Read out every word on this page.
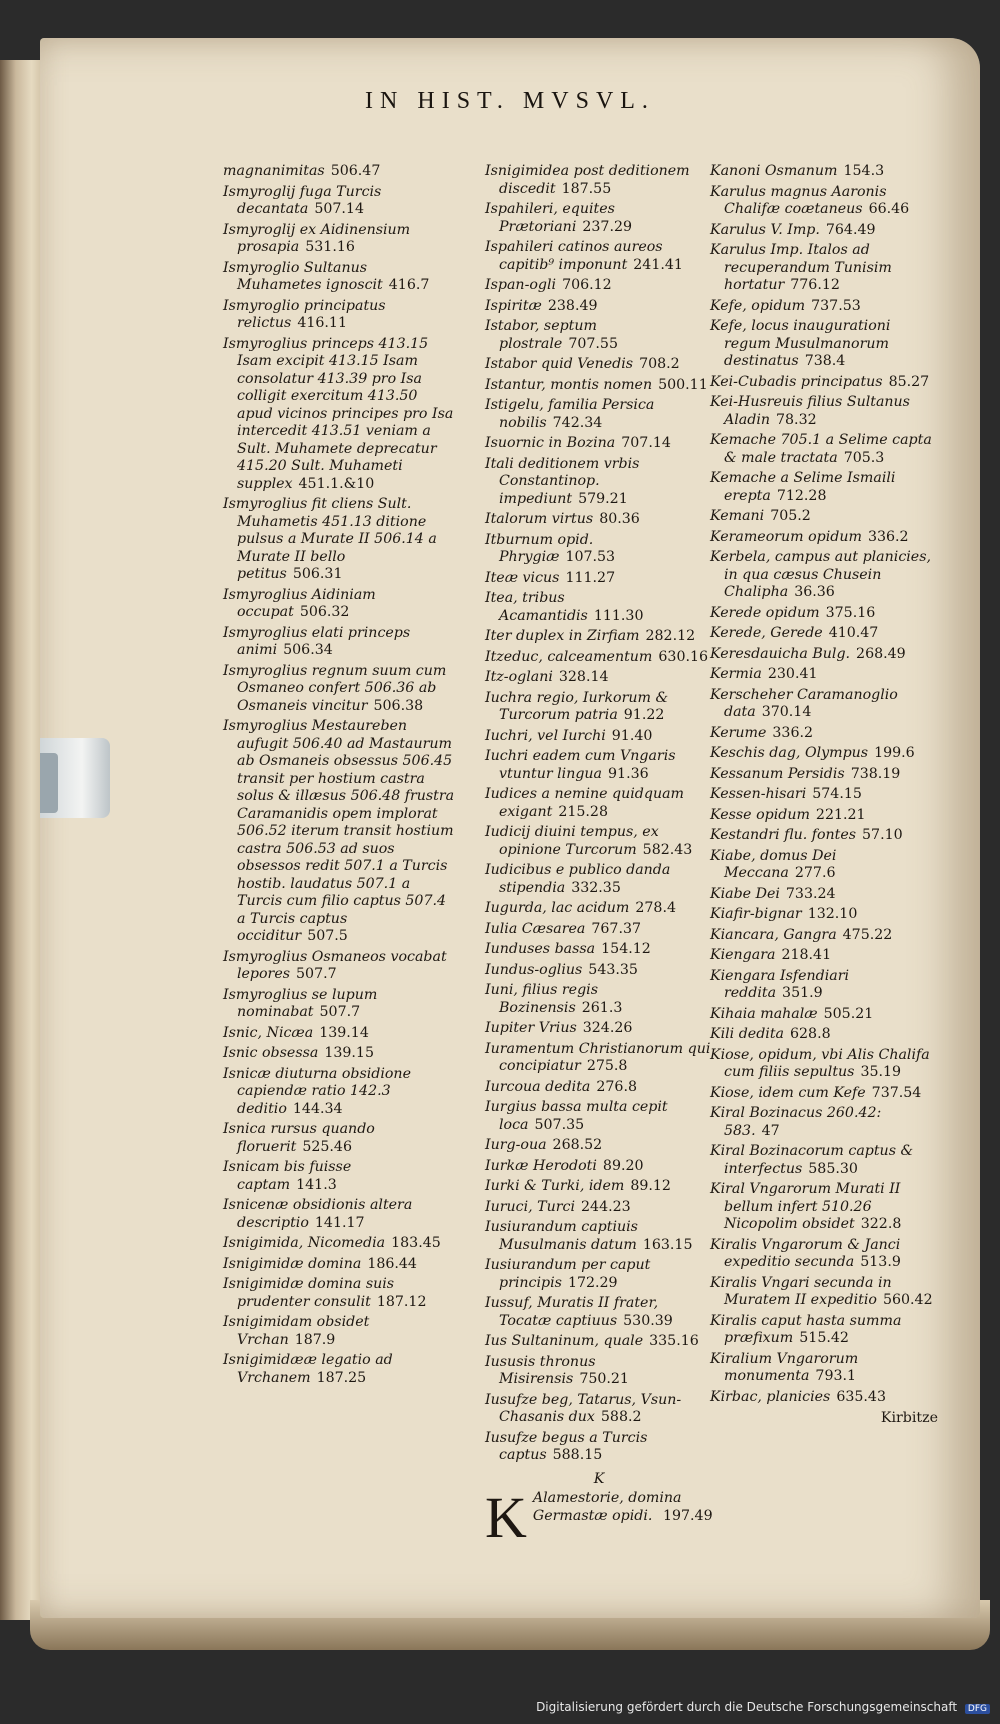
IN HIST. MVSVL.
magnanimitas 506.47
Ismyroglij fuga Turcis decantata 507.14
Ismyroglij ex Aidinensium prosapia 531.16
Ismyroglio Sultanus Muhametes ignoscit 416.7
Ismyroglio principatus relictus 416.11
Ismyroglius princeps 413.15 Isam excipit 413.15 Isam consolatur 413.39 pro Isa colligit exercitum 413.50 apud vicinos principes pro Isa intercedit 413.51 veniam a Sult. Muhamete deprecatur 415.20 Sult. Muhameti supplex 451.1.&10
Ismyroglius fit cliens Sult. Muhametis 451.13 ditione pulsus a Murate II 506.14 a Murate II bello petitus 506.31
Ismyroglius Aidiniam occupat 506.32
Ismyroglius elati princeps animi 506.34
Ismyroglius regnum suum cum Osmaneo confert 506.36 ab Osmaneis vincitur 506.38
Ismyroglius Mestaureben aufugit 506.40 ad Mastaurum ab Osmaneis obsessus 506.45 transit per hostium castra solus & illæsus 506.48 frustra Caramanidis opem implorat 506.52 iterum transit hostium castra 506.53 ad suos obsessos redit 507.1 a Turcis hostib. laudatus 507.1 a Turcis cum filio captus 507.4 a Turcis captus occiditur 507.5
Ismyroglius Osmaneos vocabat lepores 507.7
Ismyroglius se lupum nominabat 507.7
Isnic, Nicæa 139.14
Isnic obsessa 139.15
Isnicæ diuturna obsidione capiendæ ratio 142.3 deditio 144.34
Isnica rursus quando floruerit 525.46
Isnicam bis fuisse captam 141.3
Isnicenæ obsidionis altera descriptio 141.17
Isnigimida, Nicomedia 183.45
Isnigimidæ domina 186.44
Isnigimidæ domina suis prudenter consulit 187.12
Isnigimidam obsidet Vrchan 187.9
Isnigimidææ legatio ad Vrchanem 187.25
Isnigimidea post deditionem discedit 187.55
Ispahileri, equites Prætoriani 237.29
Ispahileri catinos aureos capitib⁹ imponunt 241.41
Ispan-ogli 706.12
Ispiritæ 238.49
Istabor, septum plostrale 707.55
Istabor quid Venedis 708.2
Istantur, montis nomen 500.11
Istigelu, familia Persica nobilis 742.34
Isuornic in Bozina 707.14
Itali deditionem vrbis Constantinop. impediunt 579.21
Italorum virtus 80.36
Itburnum opid. Phrygiæ 107.53
Iteæ vicus 111.27
Itea, tribus Acamantidis 111.30
Iter duplex in Zirfiam 282.12
Itzeduc, calceamentum 630.16
Itz-oglani 328.14
Iuchra regio, Iurkorum & Turcorum patria 91.22
Iuchri, vel Iurchi 91.40
Iuchri eadem cum Vngaris vtuntur lingua 91.36
Iudices a nemine quidquam exigant 215.28
Iudicij diuini tempus, ex opinione Turcorum 582.43
Iudicibus e publico danda stipendia 332.35
Iugurda, lac acidum 278.4
Iulia Cæsarea 767.37
Iunduses bassa 154.12
Iundus-oglius 543.35
Iuni, filius regis Bozinensis 261.3
Iupiter Vrius 324.26
Iuramentum Christianorum qui concipiatur 275.8
Iurcoua dedita 276.8
Iurgius bassa multa cepit loca 507.35
Iurg-oua 268.52
Iurkæ Herodoti 89.20
Iurki & Turki, idem 89.12
Iuruci, Turci 244.23
Iusiurandum captiuis Musulmanis datum 163.15
Iusiurandum per caput principis 172.29
Iussuf, Muratis II frater, Tocatæ captiuus 530.39
Ius Sultaninum, quale 335.16
Iususis thronus Misirensis 750.21
Iusufze beg, Tatarus, Vsun-Chasanis dux 588.2
Iusufze begus a Turcis captus 588.15
K
K Alamestorie, domina Germastæ opidi. 197.49
Kanoni Osmanum 154.3
Karulus magnus Aaronis Chalifæ coætaneus 66.46
Karulus V. Imp. 764.49
Karulus Imp. Italos ad recuperandum Tunisim hortatur 776.12
Kefe, opidum 737.53
Kefe, locus inaugurationi regum Musulmanorum destinatus 738.4
Kei-Cubadis principatus 85.27
Kei-Husreuis filius Sultanus Aladin 78.32
Kemache 705.1 a Selime capta & male tractata 705.3
Kemache a Selime Ismaili erepta 712.28
Kemani 705.2
Kerameorum opidum 336.2
Kerbela, campus aut planicies, in qua cæsus Chusein Chalipha 36.36
Kerede opidum 375.16
Kerede, Gerede 410.47
Keresdauicha Bulg. 268.49
Kermia 230.41
Kerscheher Caramanoglio data 370.14
Kerume 336.2
Keschis dag, Olympus 199.6
Kessanum Persidis 738.19
Kessen-hisari 574.15
Kesse opidum 221.21
Kestandri flu. fontes 57.10
Kiabe, domus Dei Meccana 277.6
Kiabe Dei 733.24
Kiafir-bignar 132.10
Kiancara, Gangra 475.22
Kiengara 218.41
Kiengara Isfendiari reddita 351.9
Kihaia mahalæ 505.21
Kili dedita 628.8
Kiose, opidum, vbi Alis Chalifa cum filiis sepultus 35.19
Kiose, idem cum Kefe 737.54
Kiral Bozinacus 260.42: 583. 47
Kiral Bozinacorum captus & interfectus 585.30
Kiral Vngarorum Murati II bellum infert 510.26 Nicopolim obsidet 322.8
Kiralis Vngarorum & Janci expeditio secunda 513.9
Kiralis Vngari secunda in Muratem II expeditio 560.42
Kiralis caput hasta summa præfixum 515.42
Kiralium Vngarorum monumenta 793.1
Kirbac, planicies 635.43
Kirbitze
Digitalisierung gefördert durch die Deutsche Forschungsgemeinschaft DFG
